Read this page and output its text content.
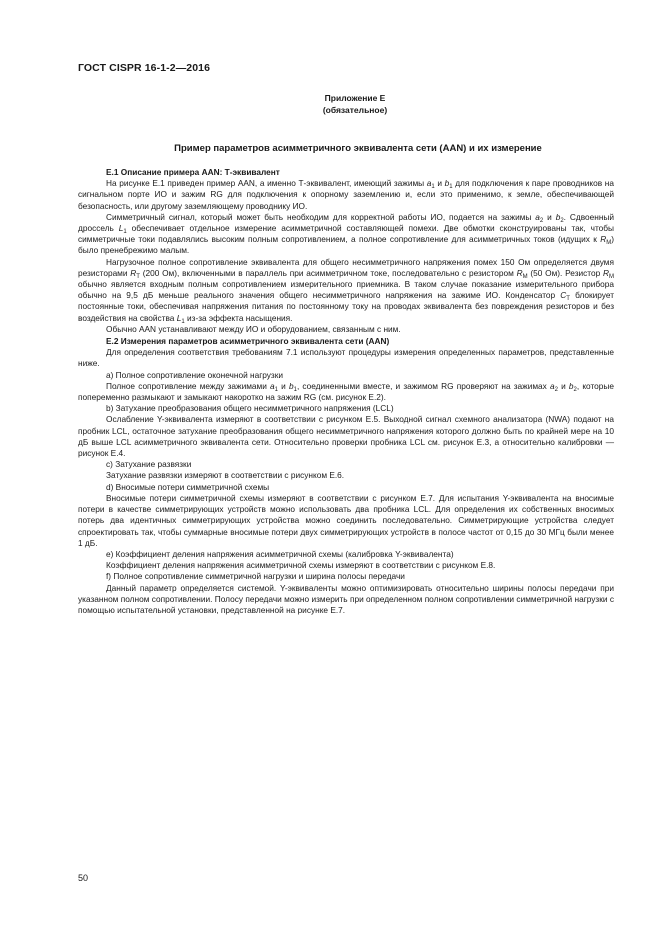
ГОСТ CISPR 16-1-2—2016
Приложение Е
(обязательное)
Пример параметров асимметричного эквивалента сети (AAN) и их измерение

Е.1 Описание примера AAN: Т-эквивалент

На рисунке Е.1 приведен пример AAN, а именно Т-эквивалент, имеющий зажимы $a_1$ и $b_1$ для подключения к паре проводников на сигнальном порте ИО и зажим RG для подключения к опорному заземлению и, если это применимо, к земле, обеспечивающей безопасность, или другому заземляющему проводнику ИО.

Симметричный сигнал, который может быть необходим для корректной работы ИО, подается на зажимы $a_2$ и $b_2$. Сдвоенный дроссель $L_1$ обеспечивает отдельное измерение асимметричной составляющей помехи. Две обмотки сконструированы так, чтобы симметричные токи подавлялись высоким полным сопротивлением, а полное сопротивление для асимметричных токов (идущих к $R_M$) было пренебрежимо малым.

Нагрузочное полное сопротивление эквивалента для общего несимметричного напряжения помех 150 Ом определяется двумя резисторами $R_T$ (200 Ом), включенными в параллель при асимметричном токе, последовательно с резистором $R_M$ (50 Ом). Резистор $R_M$ обычно является входным полным сопротивлением измерительного приемника. В таком случае показание измерительного прибора обычно на 9,5 дБ меньше реального значения общего несимметричного напряжения на зажиме ИО. Конденсатор $C_T$ блокирует постоянные токи, обеспечивая напряжения питания по постоянному току на проводах эквивалента без повреждения резисторов и без воздействия на свойства $L_1$ из-за эффекта насыщения.

Обычно AAN устанавливают между ИО и оборудованием, связанным с ним.

Е.2 Измерения параметров асимметричного эквивалента сети (AAN)

Для определения соответствия требованиям 7.1 используют процедуры измерения определенных параметров, представленные ниже.

а) Полное сопротивление оконечной нагрузки

Полное сопротивление между зажимами $a_1$ и $b_1$, соединенными вместе, и зажимом RG проверяют на зажимах $a_2$ и $b_2$, которые попеременно размыкают и замыкают накоротко на зажим RG (см. рисунок Е.2).

b) Затухание преобразования общего несимметричного напряжения (LCL)

Ослабление Y-эквивалента измеряют в соответствии с рисунком Е.5. Выходной сигнал схемного анализатора (NWA) подают на пробник LCL, остаточное затухание преобразования общего несимметричного напряжения которого должно быть по крайней мере на 10 дБ выше LCL асимметричного эквивалента сети. Относительно проверки пробника LCL см. рисунок Е.3, а относительно калибровки — рисунок Е.4.

c) Затухание развязки

Затухание развязки измеряют в соответствии с рисунком Е.6.

d) Вносимые потери симметричной схемы

Вносимые потери симметричной схемы измеряют в соответствии с рисунком Е.7. Для испытания Y-эквивалента на вносимые потери в качестве симметрирующих устройств можно использовать два пробника LCL. Для определения их собственных вносимых потерь два идентичных симметрирующих устройства можно соединить последовательно. Симметрирующие устройства следует спроектировать так, чтобы суммарные вносимые потери двух симметрирующих устройств в полосе частот от 0,15 до 30 МГц были менее 1 дБ.

е) Коэффициент деления напряжения асимметричной схемы (калибровка Y-эквивалента)

Коэффициент деления напряжения асимметричной схемы измеряют в соответствии с рисунком Е.8.

f) Полное сопротивление симметричной нагрузки и ширина полосы передачи

Данный параметр определяется системой. Y-эквиваленты можно оптимизировать относительно ширины полосы передачи при указанном полном сопротивлении. Полосу передачи можно измерить при определенном полном сопротивлении симметричной нагрузки с помощью испытательной установки, представленной на рисунке Е.7.

50
